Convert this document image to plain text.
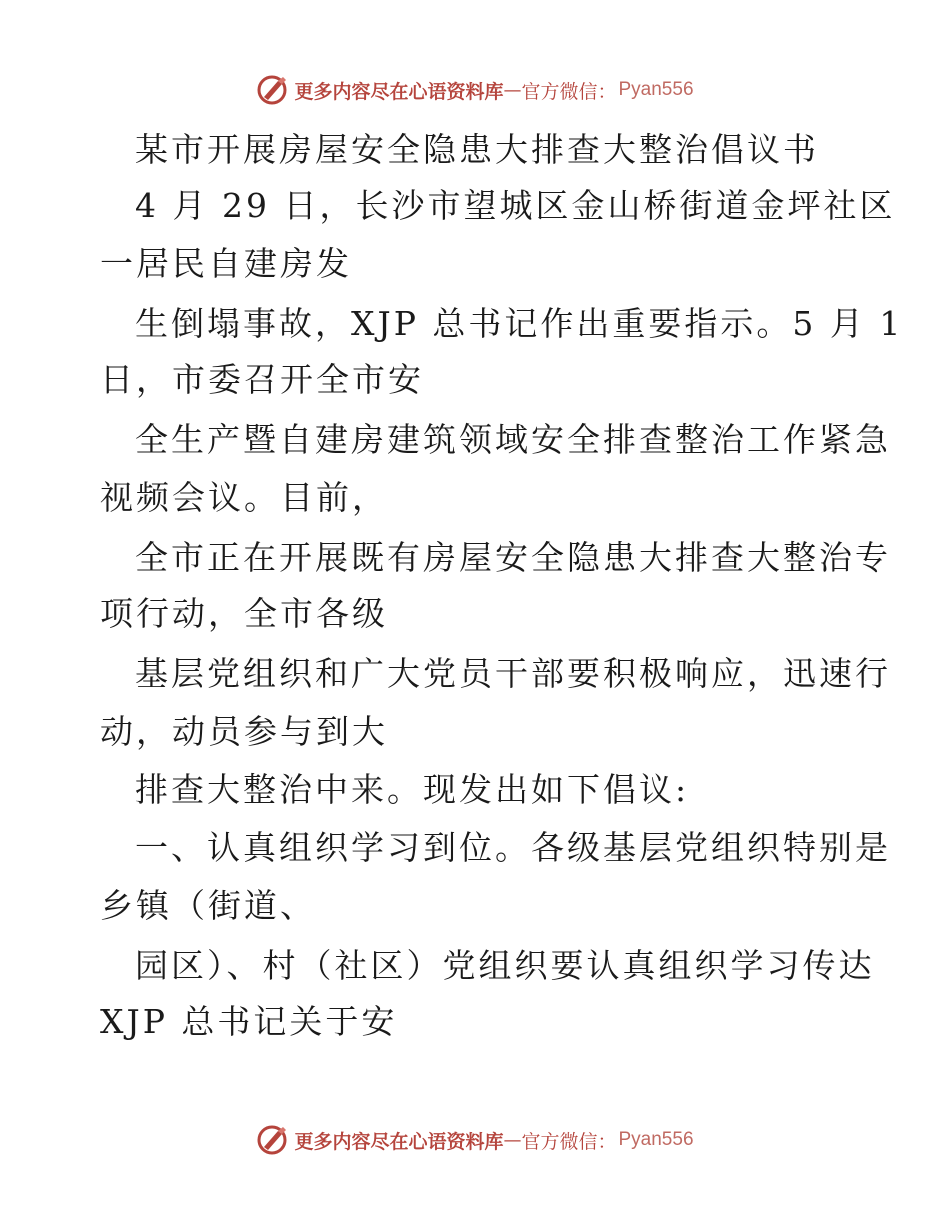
更多内容尽在心语资料库 — 官方微信： Pyan556
某市开展房屋安全隐患大排查大整治倡议书
4 月 29 日，长沙市望城区金山桥街道金坪社区
一居民自建房发
生倒塌事故，XJP 总书记作出重要指示。5 月 1
日，市委召开全市安
全生产暨自建房建筑领域安全排查整治工作紧急
视频会议。目前，
全市正在开展既有房屋安全隐患大排查大整治专
项行动，全市各级
基层党组织和广大党员干部要积极响应，迅速行
动，动员参与到大
排查大整治中来。现发出如下倡议:
一、认真组织学习到位。各级基层党组织特别是
乡镇（街道、
园区）、村（社区）党组织要认真组织学习传达
XJP 总书记关于安
更多内容尽在心语资料库 — 官方微信： Pyan556
